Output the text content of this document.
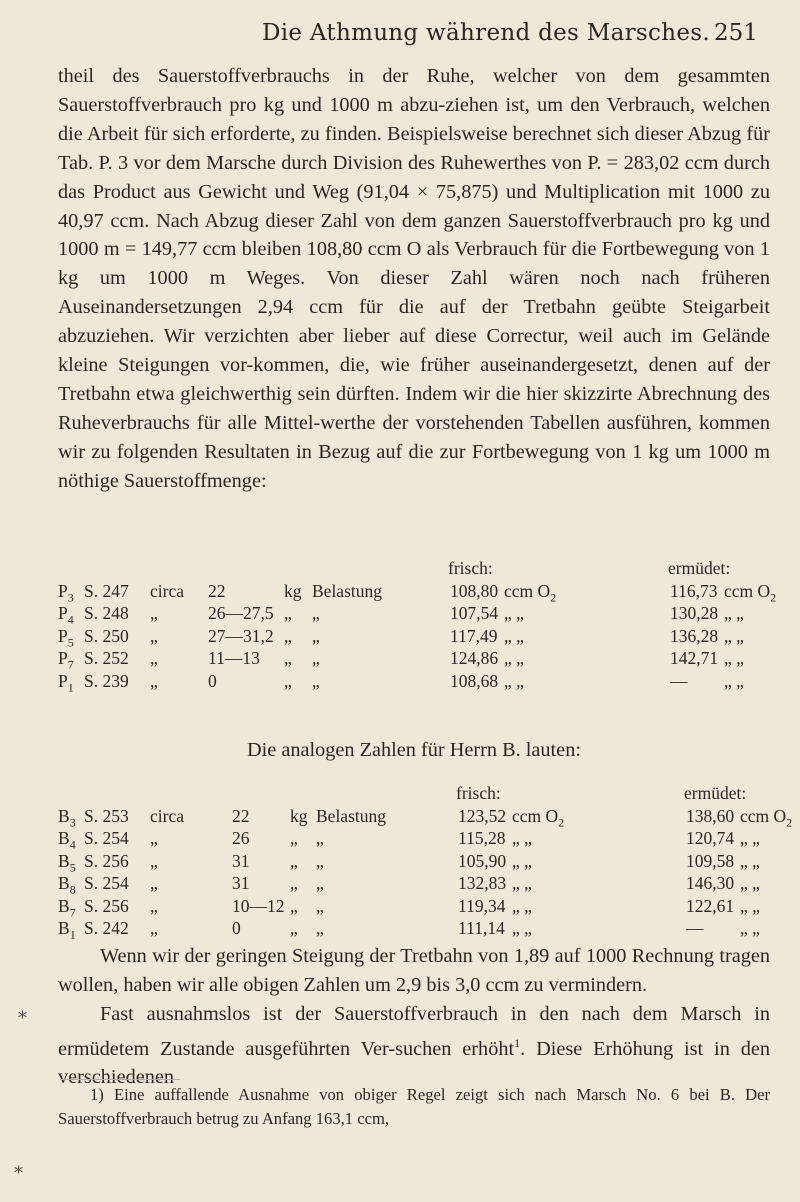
Die Athmung während des Marsches. 251

theil des Sauerstoffverbrauchs in der Ruhe, welcher von dem gesammten Sauerstoffverbrauch pro kg und 1000 m abzu-ziehen ist, um den Verbrauch, welchen die Arbeit für sich erforderte, zu finden. Beispielsweise berechnet sich dieser Abzug für Tab. P. 3 vor dem Marsche durch Division des Ruhewerthes von P. = 283,02 ccm durch das Product aus Gewicht und Weg (91,04 × 75,875) und Multiplication mit 1000 zu 40,97 ccm. Nach Abzug dieser Zahl von dem ganzen Sauerstoffverbrauch pro kg und 1000 m = 149,77 ccm bleiben 108,80 ccm O als Verbrauch für die Fortbewegung von 1 kg um 1000 m Weges. Von dieser Zahl wären noch nach früheren Auseinandersetzungen 2,94 ccm für die auf der Tretbahn geübte Steigarbeit abzuziehen. Wir verzichten aber lieber auf diese Correctur, weil auch im Gelände kleine Steigungen vor-kommen, die, wie früher auseinandergesetzt, denen auf der Tretbahn etwa gleichwerthig sein dürften. Indem wir die hier skizzirte Abrechnung des Ruheverbrauchs für alle Mittel-werthe der vorstehenden Tabellen ausführen, kommen wir zu folgenden Resultaten in Bezug auf die zur Fortbewegung von 1 kg um 1000 m nöthige Sauerstoffmenge:

frisch:	ermüdet:
$P_3$ S. 247 circa 22	kg Belastung	108,80 ccm $O_2$	116,73 ccm $O_2$
$P_4$ S. 248 „	26—27,5 „ „	107,54 „ „	130,28 „ „
$P_5$ S. 250 „	27—31,2 „ „	117,49 „ „	136,28 „ „
$P_7$ S. 252 „	11—13 „ „	124,86 „ „	142,71 „ „
$P_1$ S. 239 „	0	„ „	108,68 „ „	— „ „
Die analogen Zahlen für Herrn B. lauten:
frisch:	ermüdet:
$B_3$ S. 253 circa	22 kg Belastung	123,52 ccm $O_2$	138,60 ccm $O_2$
$B_4$ S. 254 „	26 „ „	115,28 „ „	120,74 „ „
$B_5$ S. 256 „	31 „ „	105,90 „ „	109,58 „ „
$B_8$ S. 254 „	31 „ „	132,83 „ „	146,30 „ „
$B_7$ S. 256 „	10—12 „ „	119,34 „ „	122,61 „ „
$B_1$ S. 242 „	0	„ „	111,14 „ „	— „ „

Wenn wir der geringen Steigung der Tretbahn von 1,89 auf 1000 Rechnung tragen wollen, haben wir alle obigen Zahlen um 2,9 bis 3,0 ccm zu vermindern.

Fast ausnahmslos ist der Sauerstoffverbrauch in den nach dem Marsch in ermüdetem Zustande ausgeführten Ver-suchen erhöht$^1$. Diese Erhöhung ist in den verschiedenen

1) Eine auffallende Ausnahme von obiger Regel zeigt sich nach Marsch No. 6 bei B. Der Sauerstoffverbrauch betrug zu Anfang 163,1 ccm,

*
*
